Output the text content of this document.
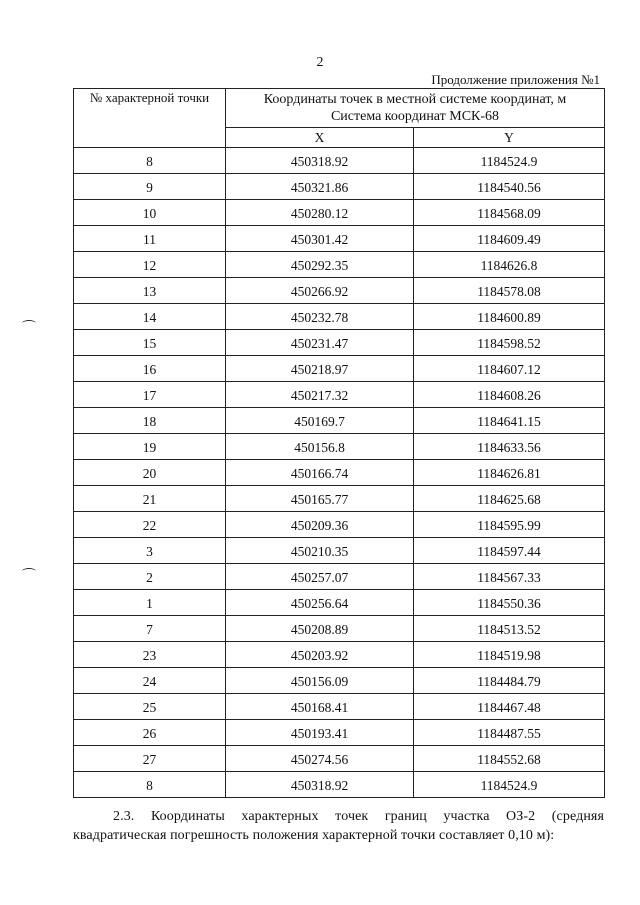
2
Продолжение приложения №1
№ характерной точки	Координаты точек в местной системе координат, м
Система координат МСК-68	

	X	Y
8	450318.92	1184524.9
9	450321.86	1184540.56
10	450280.12	1184568.09
11	450301.42	1184609.49
12	450292.35	1184626.8
13	450266.92	1184578.08
14	450232.78	1184600.89
15	450231.47	1184598.52
16	450218.97	1184607.12
17	450217.32	1184608.26
18	450169.7	1184641.15
19	450156.8	1184633.56
20	450166.74	1184626.81
21	450165.77	1184625.68
22	450209.36	1184595.99
3	450210.35	1184597.44
2	450257.07	1184567.33
1	450256.64	1184550.36
7	450208.89	1184513.52
23	450203.92	1184519.98
24	450156.09	1184484.79
25	450168.41	1184467.48
26	450193.41	1184487.55
27	450274.56	1184552.68
8	450318.92	1184524.9

2.3. Координаты характерных точек границ участка ОЗ-2 (средняя квадратическая погрешность положения характерной точки составляет 0,10 м):
